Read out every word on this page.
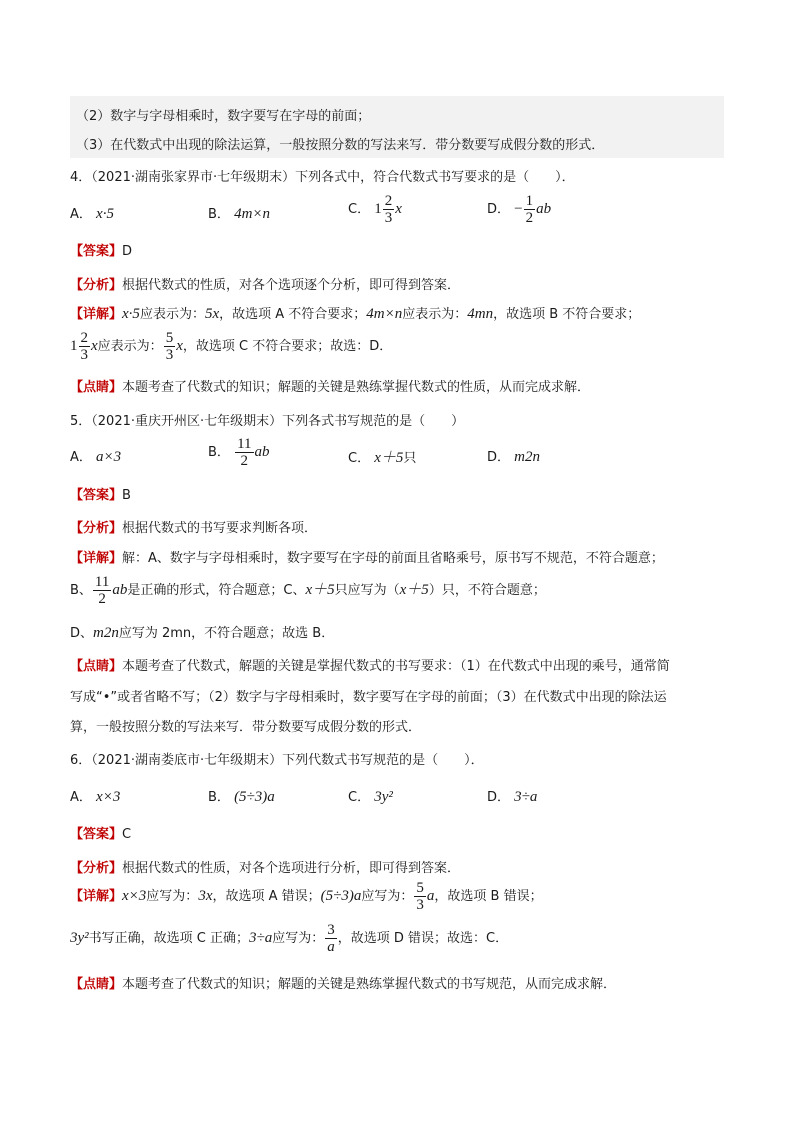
（2）数字与字母相乘时，数字要写在字母的前面；
（3）在代数式中出现的除法运算，一般按照分数的写法来写．带分数要写成假分数的形式．
4．（2021·湖南张家界市·七年级期末）下列各式中，符合代数式书写要求的是（　　）．
A． x·5	B． 4m×n	C． $1 \frac{2}{3}$ x	D． − $\frac{1}{2}$ ab
【答案】D
【分析】根据代数式的性质，对各个选项逐个分析，即可得到答案．
【详解】x·5应表示为：5x，故选项 A 不符合要求；4m×n应表示为：4mn，故选项 B 不符合要求；
$1 \frac{2}{3}$ x应表示为： $\frac{5}{3}$ x，故选项 C 不符合要求；故选：D．
【点睛】本题考查了代数式的知识；解题的关键是熟练掌握代数式的性质，从而完成求解．
5．（2021·重庆开州区·七年级期末）下列各式书写规范的是（　　）
A． a×3	B． $\frac{11}{2}$ ab	C． x＋5只	D． m2n
【答案】B
【分析】根据代数式的书写要求判断各项．
【详解】解：A、数字与字母相乘时，数字要写在字母的前面且省略乘号，原书写不规范，不符合题意；
B、 $\frac{11}{2}$ ab是正确的形式，符合题意；C、x＋5只应写为（x＋5）只，不符合题意；
D、m2n应写为 2mn，不符合题意；故选 B．
【点睛】本题考查了代数式，解题的关键是掌握代数式的书写要求：（1）在代数式中出现的乘号，通常简
写成“•”或者省略不写；（2）数字与字母相乘时，数字要写在字母的前面；（3）在代数式中出现的除法运
算，一般按照分数的写法来写．带分数要写成假分数的形式．
6．（2021·湖南娄底市·七年级期末）下列代数式书写规范的是（　　）．
A． x×3	B． (5÷3)a	C． 3y²	D． 3÷a
【答案】C
【分析】根据代数式的性质，对各个选项进行分析，即可得到答案．
【详解】x×3应写为：3x，故选项 A 错误；(5÷3)a应写为： $\frac{5}{3}$ a，故选项 B 错误；
3y²书写正确，故选项 C 正确；3÷a应写为： $\frac{3}{a}$ ，故选项 D 错误；故选：C．
【点睛】本题考查了代数式的知识；解题的关键是熟练掌握代数式的书写规范，从而完成求解．
